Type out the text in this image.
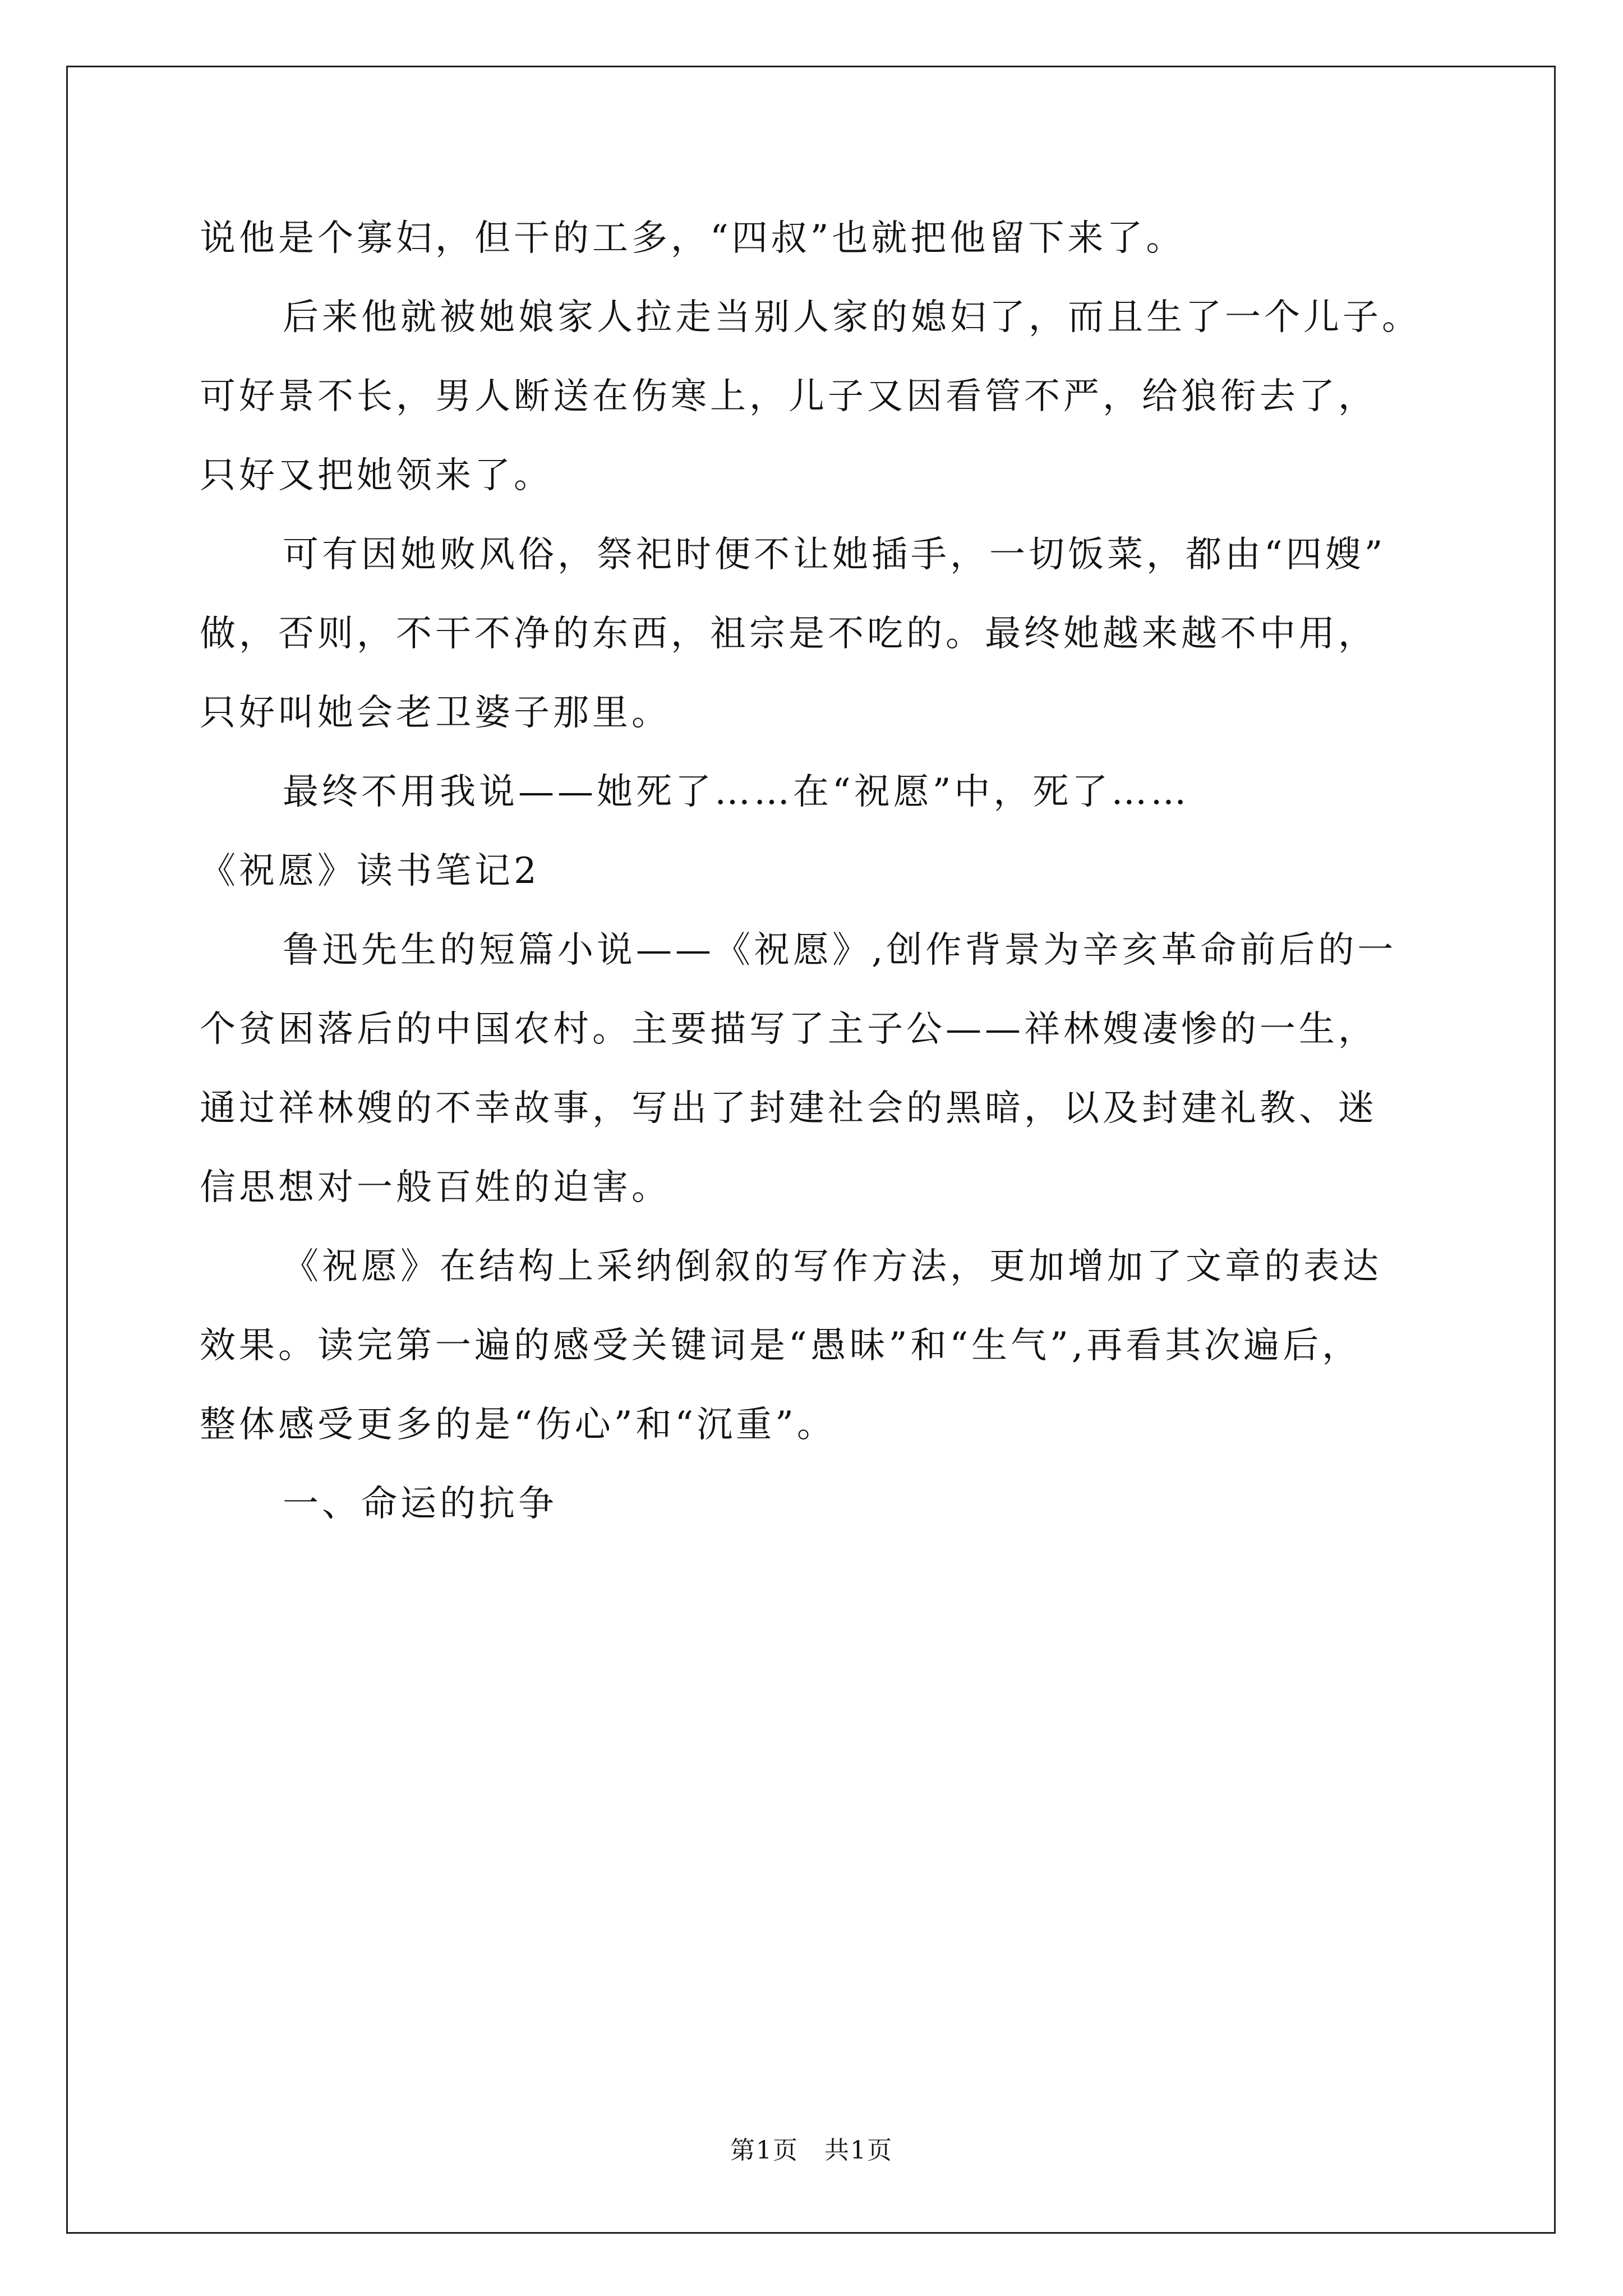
说他是个寡妇，但干的工多，“四叔”也就把他留下来了。
后来他就被她娘家人拉走当别人家的媳妇了，而且生了一个儿子。
可好景不长，男人断送在伤寒上，儿子又因看管不严，给狼衔去了，
只好又把她领来了。
可有因她败风俗，祭祀时便不让她插手，一切饭菜，都由“四嫂”
做，否则，不干不净的东西，祖宗是不吃的。最终她越来越不中用，
只好叫她会老卫婆子那里。
最终不用我说——她死了……在“祝愿”中，死了……
《祝愿》读书笔记2
鲁迅先生的短篇小说——《祝愿》,创作背景为辛亥革命前后的一
个贫困落后的中国农村。主要描写了主子公——祥林嫂凄惨的一生，
通过祥林嫂的不幸故事，写出了封建社会的黑暗，以及封建礼教、迷
信思想对一般百姓的迫害。
《祝愿》在结构上采纳倒叙的写作方法，更加增加了文章的表达
效果。读完第一遍的感受关键词是“愚昧”和“生气”,再看其次遍后，
整体感受更多的是“伤心”和“沉重”。
一、命运的抗争
第1页　共1页
